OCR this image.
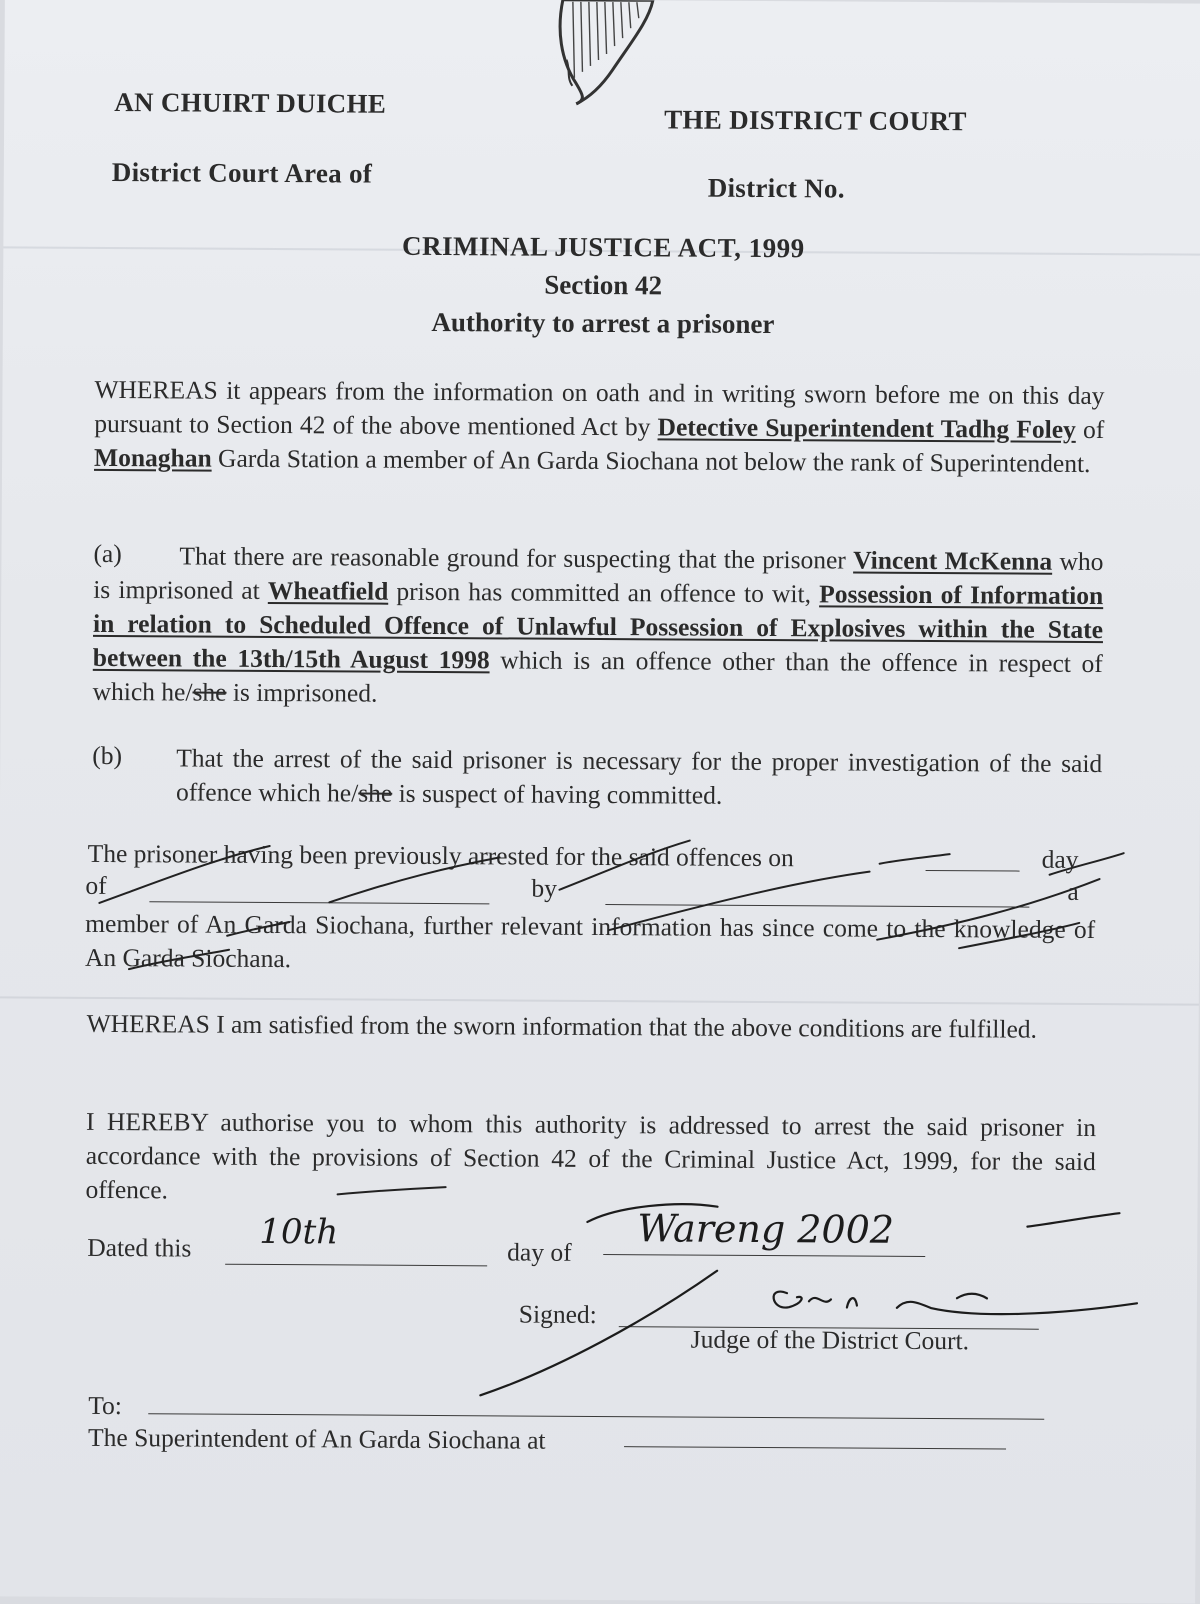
AN CHUIRT DUICHE
THE DISTRICT COURT
District Court Area of	District No.
CRIMINAL JUSTICE ACT, 1999
Section 42
Authority to arrest a prisoner
WHEREAS it appears from the information on oath and in writing sworn before me on this day pursuant to Section 42 of the above mentioned Act by Detective Superintendent Tadhg Foley of Monaghan Garda Station a member of An Garda Siochana not below the rank of Superintendent.
(a)	That there are reasonable ground for suspecting that the prisoner Vincent McKenna who is imprisoned at Wheatfield prison has committed an offence to wit, Possession of Information in relation to Scheduled Offence of Unlawful Possession of Explosives within the State between the 13th/15th August 1998 which is an offence other than the offence in respect of which he/she is imprisoned.
(b) That the arrest of the said prisoner is necessary for the proper investigation of the said offence which he/she is suspect of having committed.
The prisoner having been previously arrested for the said offences on	day
of	by	a
member of An Garda Siochana, further relevant information has since come to the knowledge of An Garda Siochana.
WHEREAS I am satisfied from the sworn information that the above conditions are fulfilled.
I HEREBY authorise you to whom this authority is addressed to arrest the said prisoner in accordance with the provisions of Section 42 of the Criminal Justice Act, 1999, for the said offence.
Dated this 10th	day of
Wareng 2002
Signed:
Judge of the District Court.
To:
The Superintendent of An Garda Siochana at
